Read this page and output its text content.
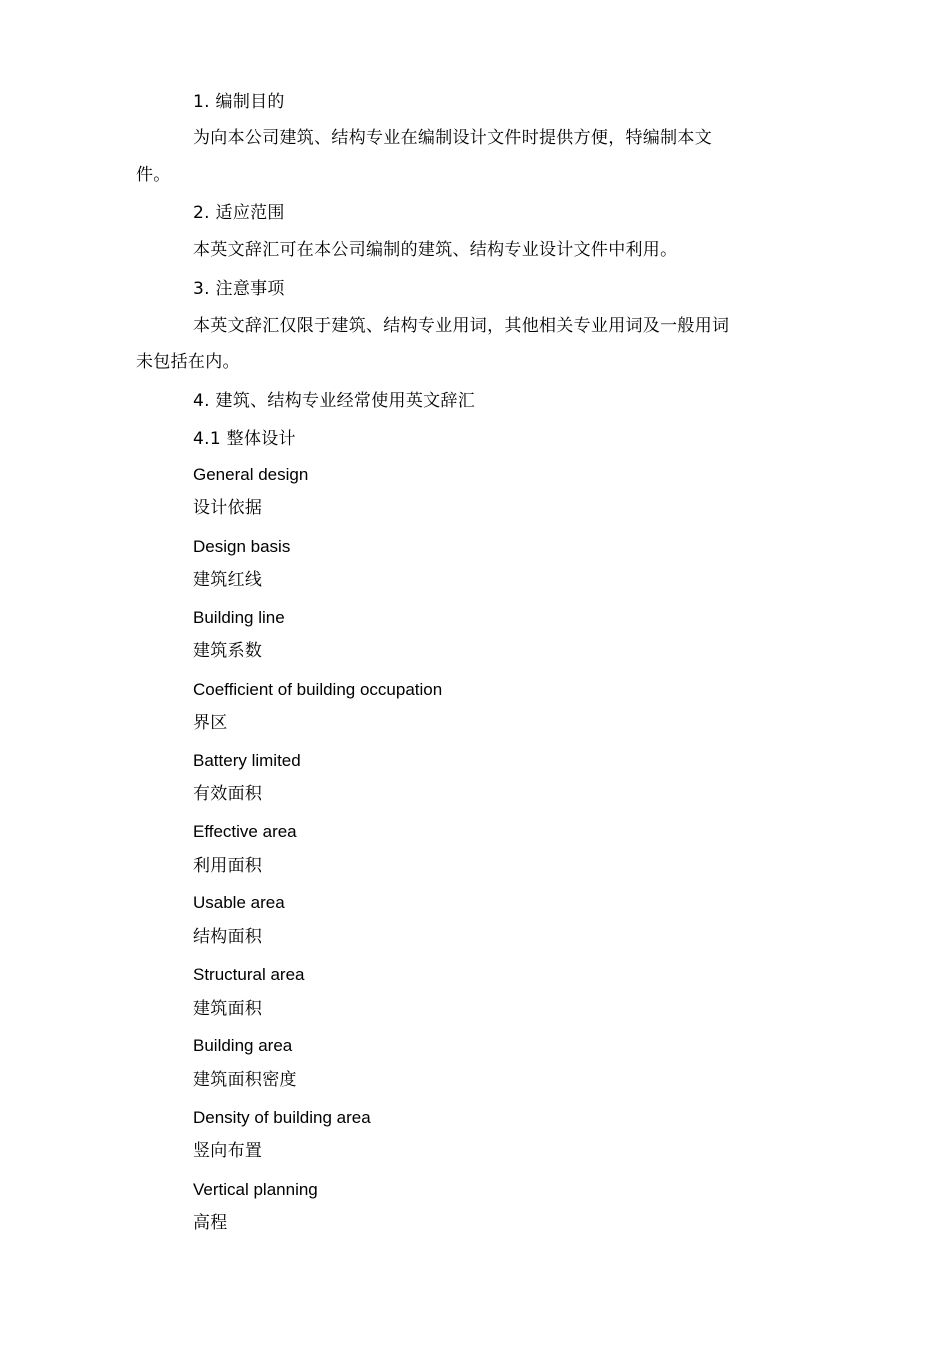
1. 编制目的
为向本公司建筑、结构专业在编制设计文件时提供方便，特编制本文
件。
2. 适应范围
本英文辞汇可在本公司编制的建筑、结构专业设计文件中利用。
3. 注意事项
本英文辞汇仅限于建筑、结构专业用词，其他相关专业用词及一般用词
未包括在内。
4. 建筑、结构专业经常使用英文辞汇
4.1 整体设计
General design
设计依据
Design basis
建筑红线
Building line
建筑系数
Coefficient of building occupation
界区
Battery limited
有效面积
Effective area
利用面积
Usable area
结构面积
Structural area
建筑面积
Building area
建筑面积密度
Density of building area
竖向布置
Vertical planning
高程
